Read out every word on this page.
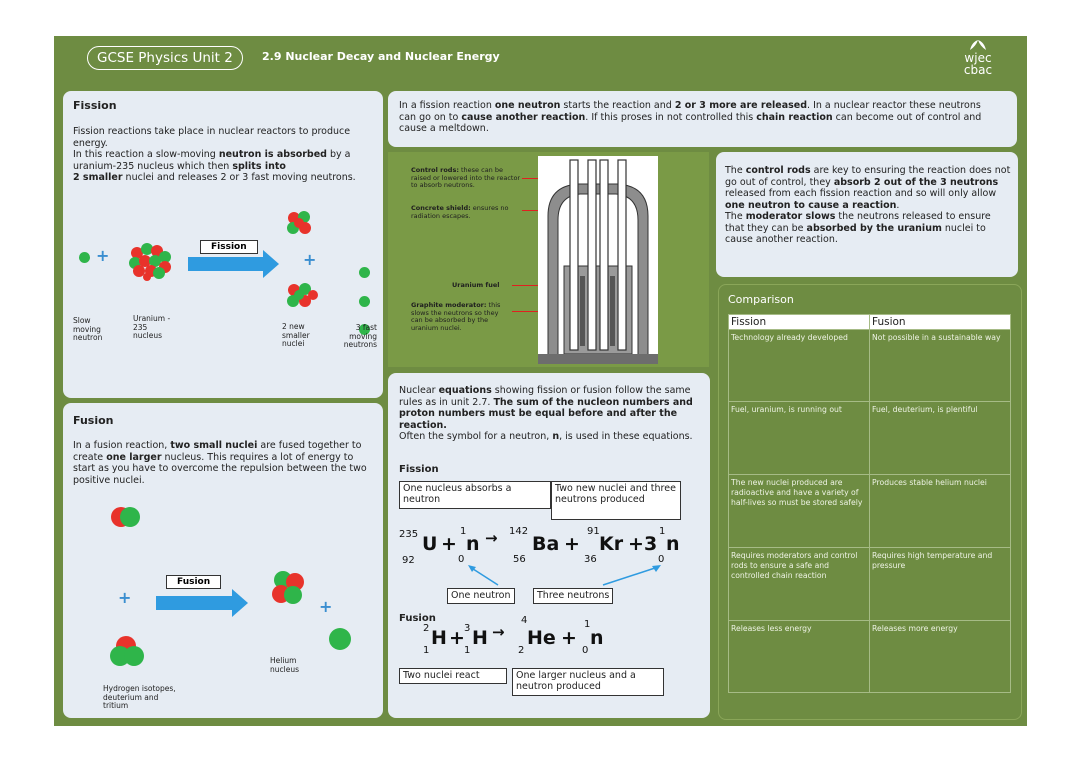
GCSE Physics Unit 2	2.9 Nuclear Decay and Nuclear Energy	wjec
cbac
Fission
Fission reactions take place in nuclear reactors to produce energy.
In this reaction a slow-moving neutron is absorbed by a uranium-235 nucleus which then splits into
2 smaller nuclei and releases 2 or 3 fast moving neutrons.
+	Fission
+
Slow moving neutron
Uranium - 235 nucleus
2 new smaller nuclei
3 fast moving neutrons
In a fission reaction one neutron starts the reaction and 2 or 3 more are released. In a nuclear reactor these neutrons can go on to cause another reaction. If this proses in not controlled this chain reaction can become out of control and cause a meltdown.
Control rods: these can be raised or lowered into the reactor to absorb neutrons.
Concrete shield: ensures no radiation escapes.
Uranium fuel
Graphite moderator: this slows the neutrons so they can be absorbed by the uranium nuclei.
The control rods are key to ensuring the reaction does not go out of control, they absorb 2 out of the 3 neutrons released from each fission reaction and so will only allow one neutron to cause a reaction.
The moderator slows the neutrons released to ensure that they can be absorbed by the uranium nuclei to cause another reaction.
Fusion
In a fusion reaction, two small nuclei are fused together to create one larger nucleus. This requires a lot of energy to start as you have to overcome the repulsion between the two positive nuclei.
+
Fusion
+
Helium nucleus
Hydrogen isotopes, deuterium and tritium
Nuclear equations showing fission or fusion follow the same rules as in unit 2.7. The sum of the nucleon numbers and proton numbers must be equal before and after the reaction.
Often the symbol for a neutron, n, is used in these equations.
Fission
One nucleus absorbs a neutron
Two new nuclei and three neutrons produced
235
92
U +
1
0
n → 142
56
Ba +
91
36
Kr + 3
1
0
n
One neutron	Three neutrons
Fusion
2
1
H + 3
1
H →
4
2
He +
1
0
n
Two nuclei react	One larger nucleus and a neutron produced
Comparison
Fission	Fusion
Technology already developed	Not possible in a sustainable way
Fuel, uranium, is running out	Fuel, deuterium, is plentiful
The new nuclei produced are radioactive and have a variety of half-lives so must be stored safely	Produces stable helium nuclei
Requires moderators and control rods to ensure a safe and controlled chain reaction	Requires high temperature and pressure
Releases less energy	Releases more energy
